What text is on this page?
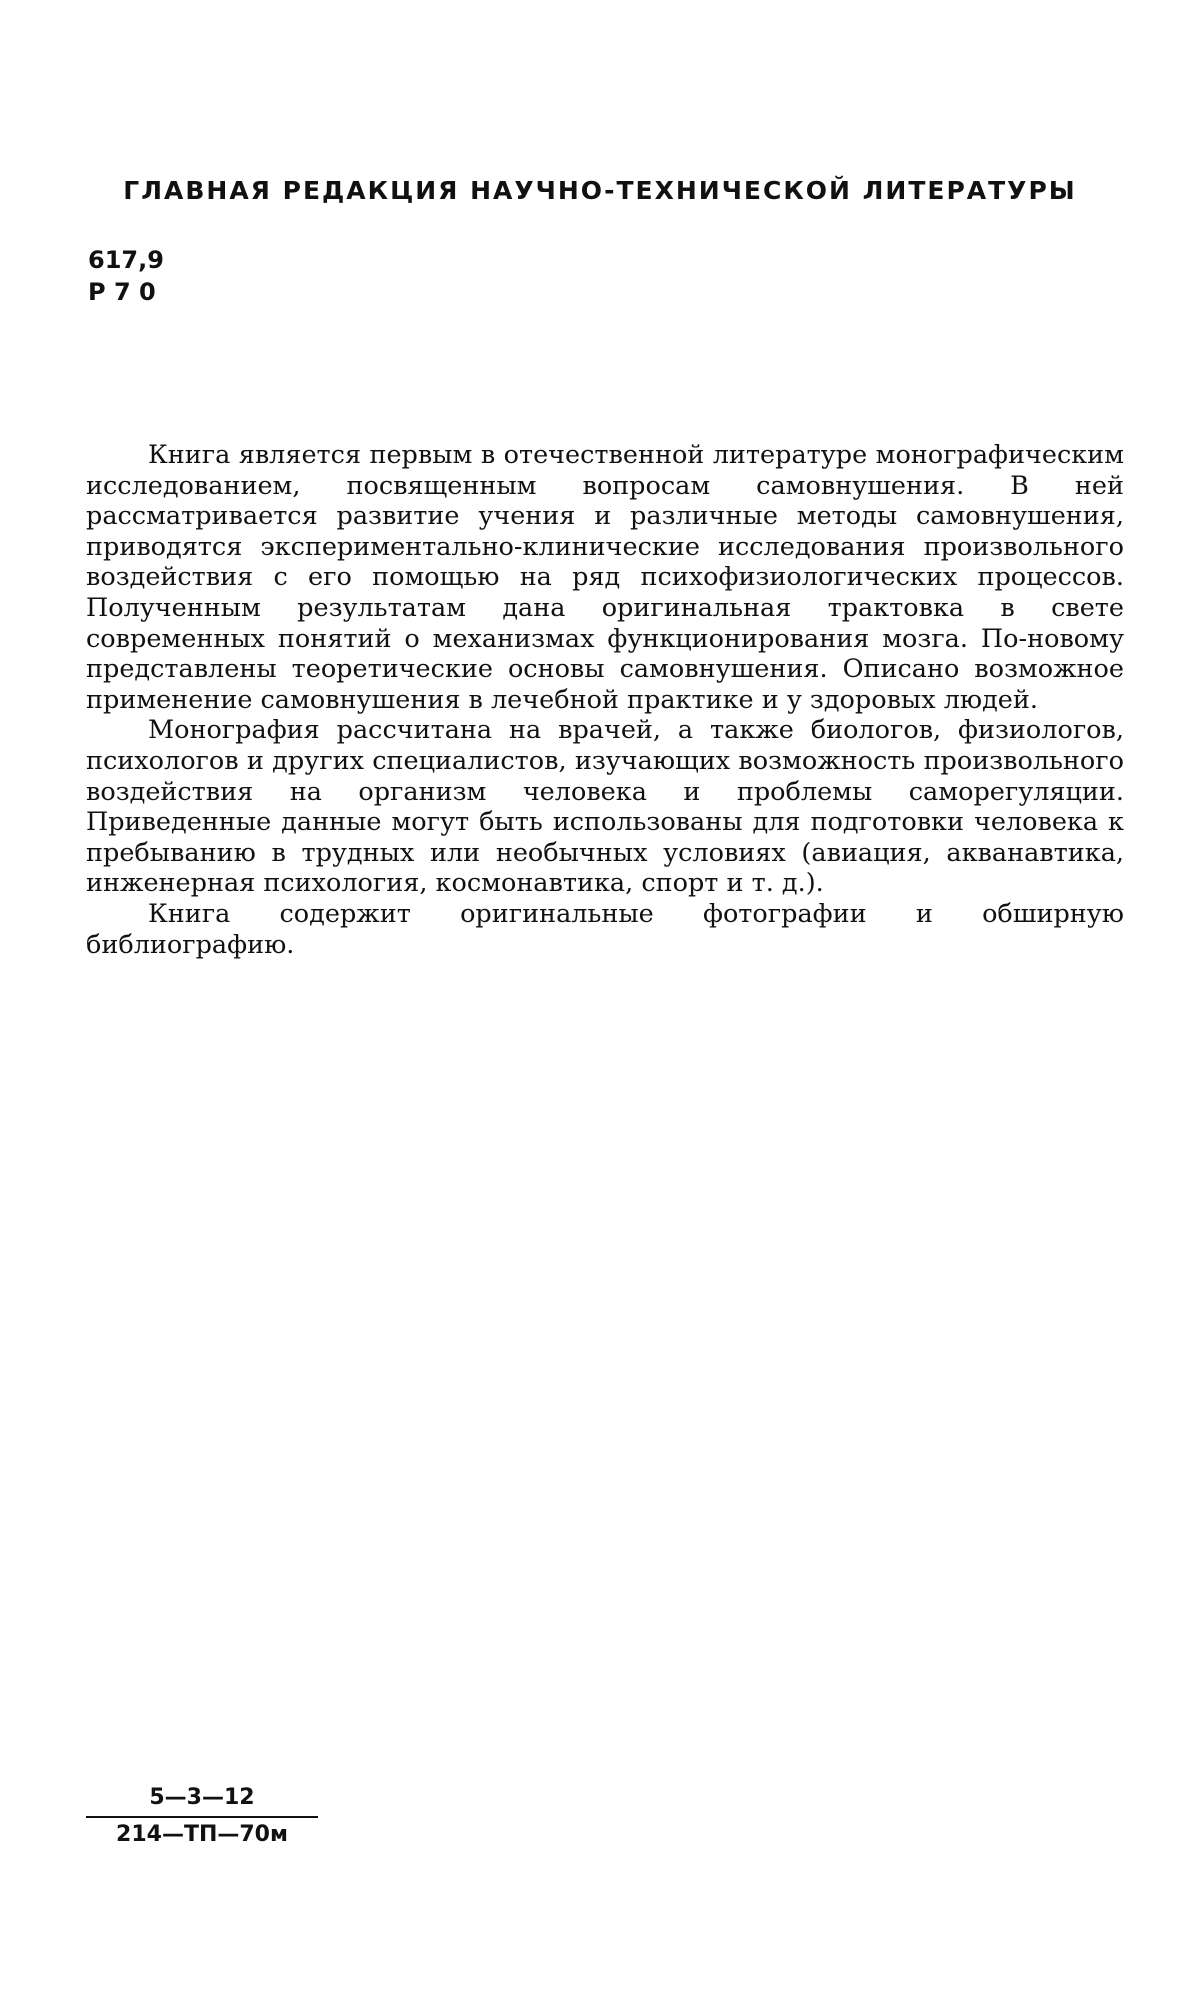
ГЛАВНАЯ РЕДАКЦИЯ НАУЧНО-ТЕХНИЧЕСКОЙ ЛИТЕРАТУРЫ
617,9
Р 7 0

Книга является первым в отечественной литературе монографическим исследованием, посвященным вопросам самовнушения. В ней рассматривается развитие учения и различные методы самовнушения, приводятся экспериментально-клинические исследования произвольного воздействия с его помощью на ряд психофизиологических процессов. Полученным результатам дана оригинальная трактовка в свете современных понятий о механизмах функционирования мозга. По-новому представлены теоретические основы самовнушения. Описано возможное применение самовнушения в лечебной практике и у здоровых людей.

Монография рассчитана на врачей, а также биологов, физиологов, психологов и других специалистов, изучающих возможность произвольного воздействия на организм человека и проблемы саморегуляции. Приведенные данные могут быть использованы для подготовки человека к пребыванию в трудных или необычных условиях (авиация, акванавтика, инженерная психология, космонавтика, спорт и т. д.).

Книга содержит оригинальные фотографии и обширную библиографию.

5—3—12
214—ТП—70м
